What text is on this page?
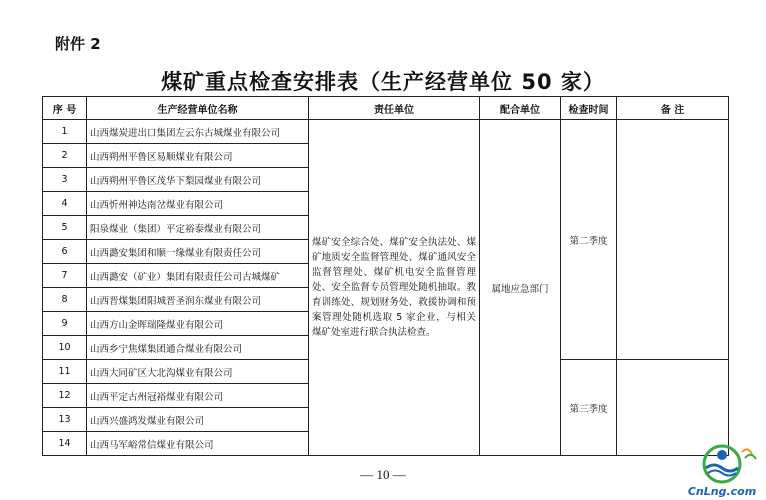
附件 2
煤矿重点检查安排表（生产经营单位 50 家）
序 号	生产经营单位名称	责任单位	配合单位	检查时间	备 注
1	山西煤炭进出口集团左云东古城煤业有限公司	煤矿安全综合处、煤矿安全执法处、煤矿地质安全监督管理处、煤矿通风安全监督管理处、煤矿机电安全监督管理处、安全监督专员管理处随机抽取。教育训练处、规划财务处、救援协调和预案管理处随机选取 5 家企业，与相关煤矿处室进行联合执法检查。	属地应急部门	第二季度	
2	山西朔州平鲁区易顺煤业有限公司				
3	山西朔州平鲁区茂华下梨园煤业有限公司				
4	山西忻州神达南岔煤业有限公司				
5	阳泉煤业（集团）平定裕泰煤业有限公司				
6	山西潞安集团和顺一缘煤业有限责任公司				
7	山西潞安（矿业）集团有限责任公司古城煤矿				
8	山西晋煤集团阳城晋圣润东煤业有限公司				
9	山西方山金晖瑞隆煤业有限公司				
10	山西乡宁焦煤集团通合煤业有限公司				
11	山西大同矿区大北沟煤业有限公司			第三季度	
12	山西平定古州冠裕煤业有限公司				
13	山西兴盛鸿发煤业有限公司				
14	山西马军峪常信煤业有限公司				
— 10 —
CnLng.com
